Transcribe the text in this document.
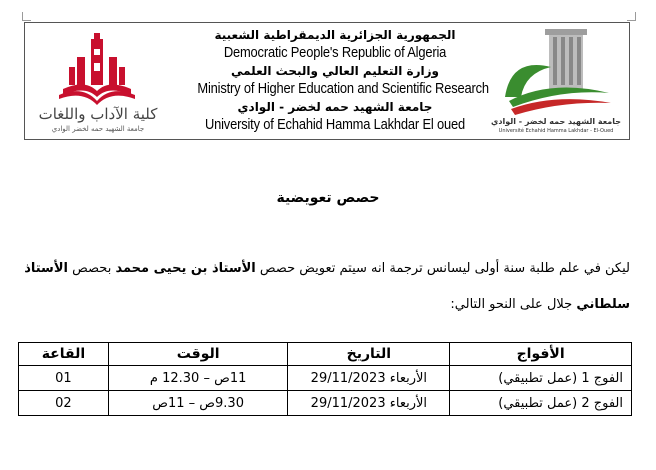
كلية الآداب واللغات
جامعة الشهيد حمه لخضر الوادي
الجمهورية الجزائرية الديمقراطية الشعبية
Democratic People's Republic of Algeria
وزارة التعليم العالي والبحث العلمي
Ministry of Higher Education and Scientific Research
جامعة الشهيد حمه لخضر - الوادي
University of Echahid Hamma Lakhdar El oued	جامعة الشهيد حمه لخضر - الوادي
Université Echahid Hamma Lakhdar - El-Oued
حصص تعويضية
ليكن في علم طلبة سنة أولى ليسانس ترجمة انه سيتم تعويض حصص الأستاذ بن يحيى محمد بحصص الأستاذ
سلطاني جلال على النحو التالي:
الأفواج	التاريخ	الوقت	القاعة
الفوج 1 (عمل تطبيقي)	الأربعاء 29/11/2023	11ص – 12.30 م	01
الفوج 2 (عمل تطبيقي)	الأربعاء 29/11/2023	9.30ص – 11ص	02
